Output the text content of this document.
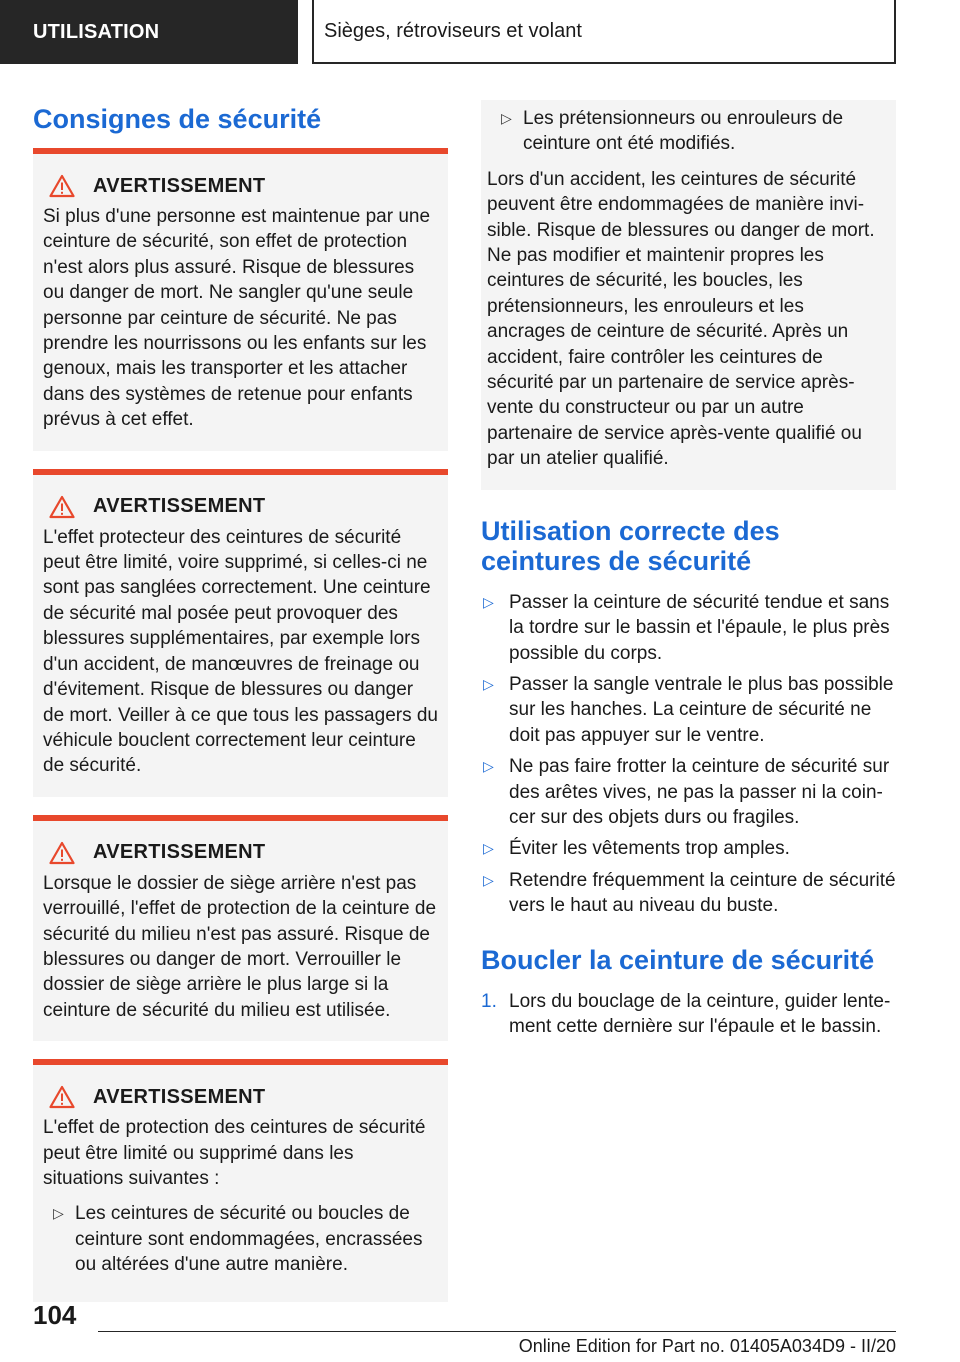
UTILISATION	Sièges, rétroviseurs et volant
Consignes de sécurité
AVERTISSEMENT

Si plus d'une personne est maintenue par une ceinture de sécurité, son effet de protection n'est alors plus assuré. Risque de blessures ou danger de mort. Ne sangler qu'une seule personne par ceinture de sécurité. Ne pas prendre les nourrissons ou les enfants sur les genoux, mais les transporter et les attacher dans des systèmes de retenue pour enfants prévus à cet effet.

AVERTISSEMENT

L'effet protecteur des ceintures de sécurité peut être limité, voire supprimé, si celles-ci ne sont pas sanglées correctement. Une ceinture de sécurité mal posée peut provoquer des blessures supplémentaires, par exemple lors d'un accident, de manœuvres de freinage ou d'évitement. Risque de blessures ou danger de mort. Veiller à ce que tous les passagers du véhicule bouclent correctement leur ceinture de sécurité.

AVERTISSEMENT

Lorsque le dossier de siège arrière n'est pas verrouillé, l'effet de protection de la ceinture de sécurité du milieu n'est pas assuré. Risque de blessures ou danger de mort. Verrouiller le dossier de siège arrière le plus large si la ceinture de sécurité du milieu est utilisée.

AVERTISSEMENT

L'effet de protection des ceintures de sécurité peut être limité ou supprimé dans les situations suivantes :

▷ Les ceintures de sécurité ou boucles de ceinture sont endommagées, encrassées ou altérées d'une autre manière.
▷ Les prétensionneurs ou enrouleurs de ceinture ont été modifiés.

Lors d'un accident, les ceintures de sécurité peuvent être endommagées de manière invisible. Risque de blessures ou danger de mort. Ne pas modifier et maintenir propres les ceintures de sécurité, les boucles, les prétensionneurs, les enrouleurs et les ancrages de ceinture de sécurité. Après un accident, faire contrôler les ceintures de sécurité par un partenaire de service après-vente du constructeur ou par un autre partenaire de service après-vente qualifié ou par un atelier qualifié.

Utilisation correcte des ceintures de sécurité
▷ Passer la ceinture de sécurité tendue et sans la tordre sur le bassin et l'épaule, le plus près possible du corps.
▷ Passer la sangle ventrale le plus bas possible sur les hanches. La ceinture de sécurité ne doit pas appuyer sur le ventre.
▷ Ne pas faire frotter la ceinture de sécurité sur des arêtes vives, ne pas la passer ni la coincer sur des objets durs ou fragiles.
▷ Éviter les vêtements trop amples.
▷ Retendre fréquemment la ceinture de sécurité vers le haut au niveau du buste.
Boucler la ceinture de sécurité
1. Lors du bouclage de la ceinture, guider lentement cette dernière sur l'épaule et le bassin.
104
Online Edition for Part no. 01405A034D9 - II/20
